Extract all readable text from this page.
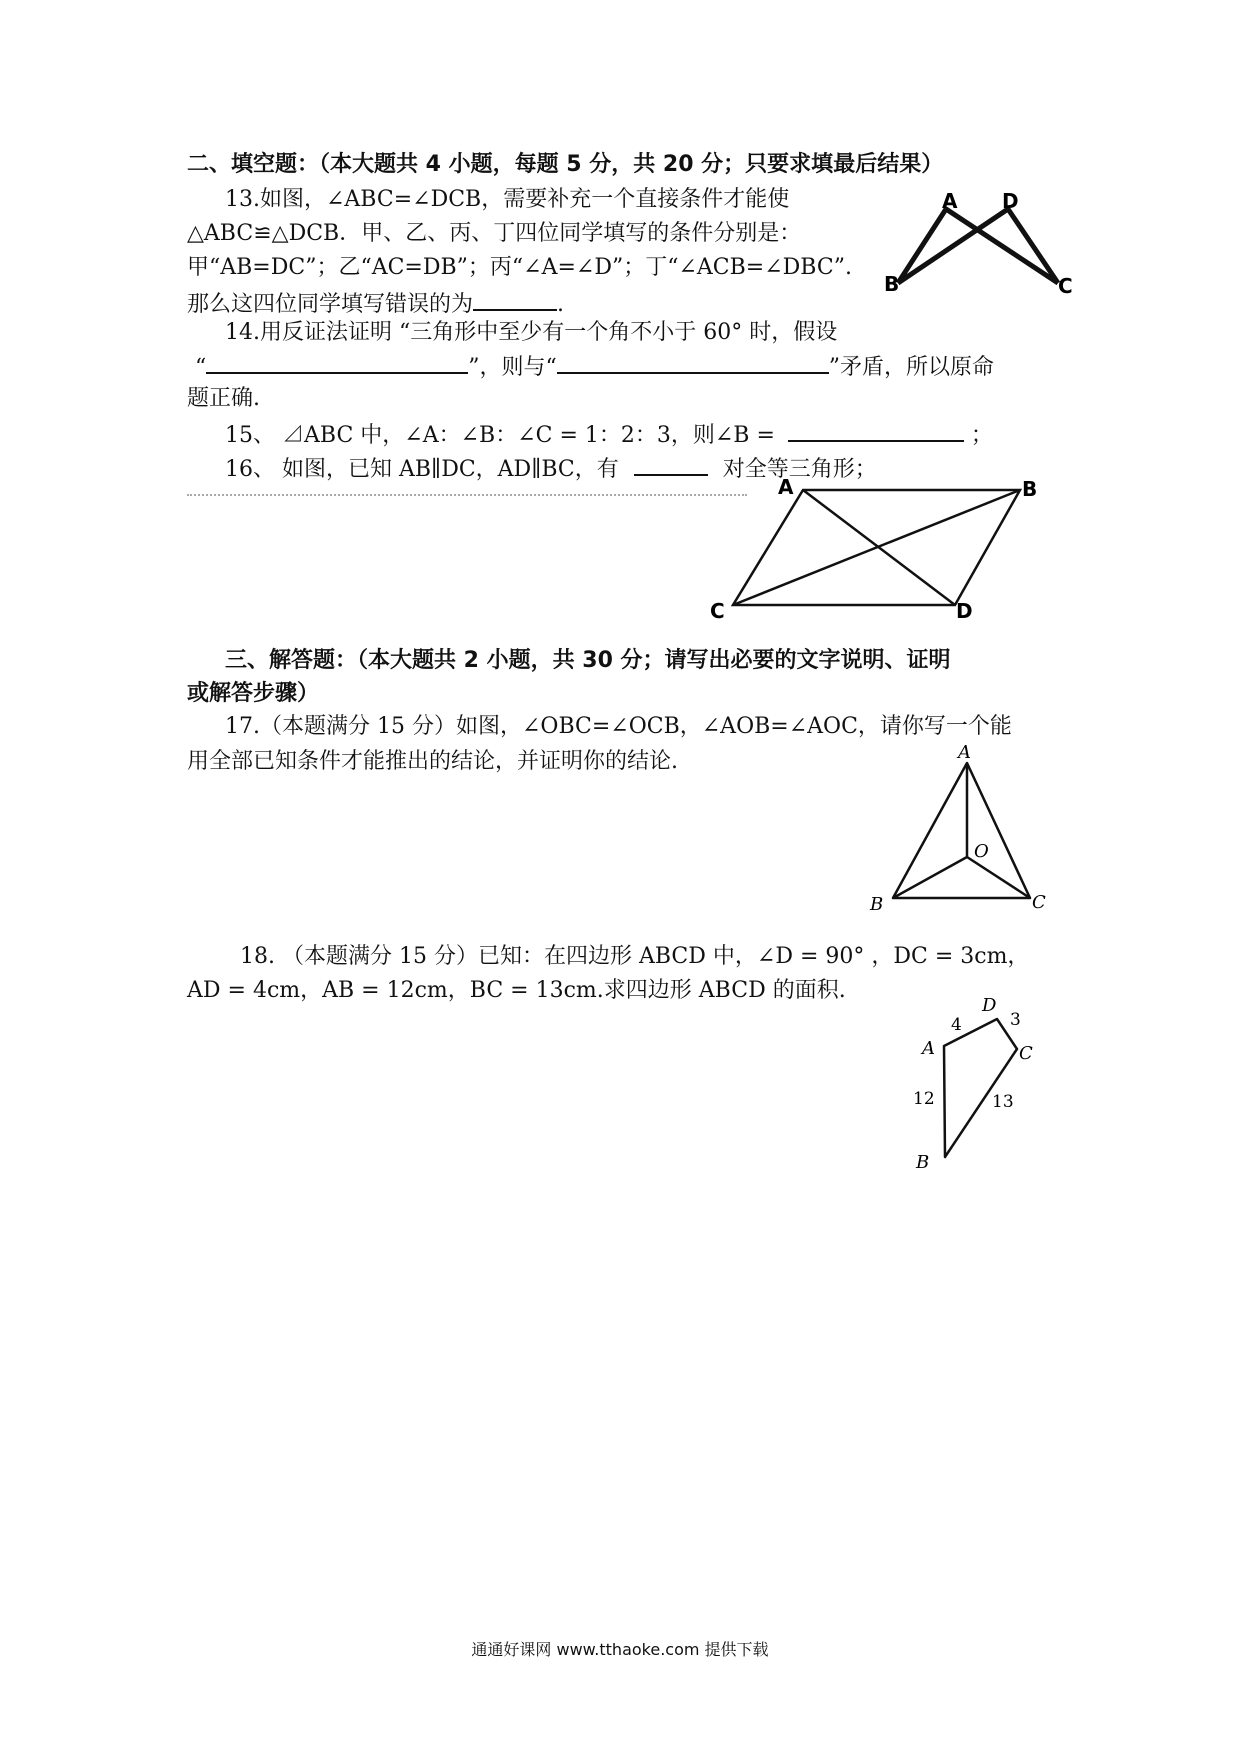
二、填空题：（本大题共 4 小题，每题 5 分，共 20 分；只要求填最后结果）
13.如图，∠ABC=∠DCB，需要补充一个直接条件才能使
△ABC≌△DCB．甲、乙、丙、丁四位同学填写的条件分别是：
甲“AB=DC”；乙“AC=DB”；丙“∠A=∠D”；丁“∠ACB=∠DBC”.
那么这四位同学填写错误的为	.
A D
B	C
14.用反证法证明 “三角形中至少有一个角不小于 60° 时，假设
“	”，则与“	”矛盾，所以原命
题正确.
15、 ⊿ABC 中，∠A：∠B：∠C = 1：2：3，则∠B =	；
16、 如图，已知 AB∥DC，AD∥BC，有	对全等三角形；
A	B
C	D
三、解答题：（本大题共 2 小题，共 30 分；请写出必要的文字说明、证明
或解答步骤）
17.（本题满分 15 分）如图，∠OBC=∠OCB，∠AOB=∠AOC，请你写一个能
用全部已知条件才能推出的结论，并证明你的结论.	A
O
B	C
18. （本题满分 15 分）已知：在四边形 ABCD 中，∠D = 90° ，DC = 3cm，
AD = 4cm，AB = 12cm，BC = 13cm.求四边形 ABCD 的面积.
D
A	C
B
4	3
12	13
通通好课网 www.tthaoke.com 提供下载
